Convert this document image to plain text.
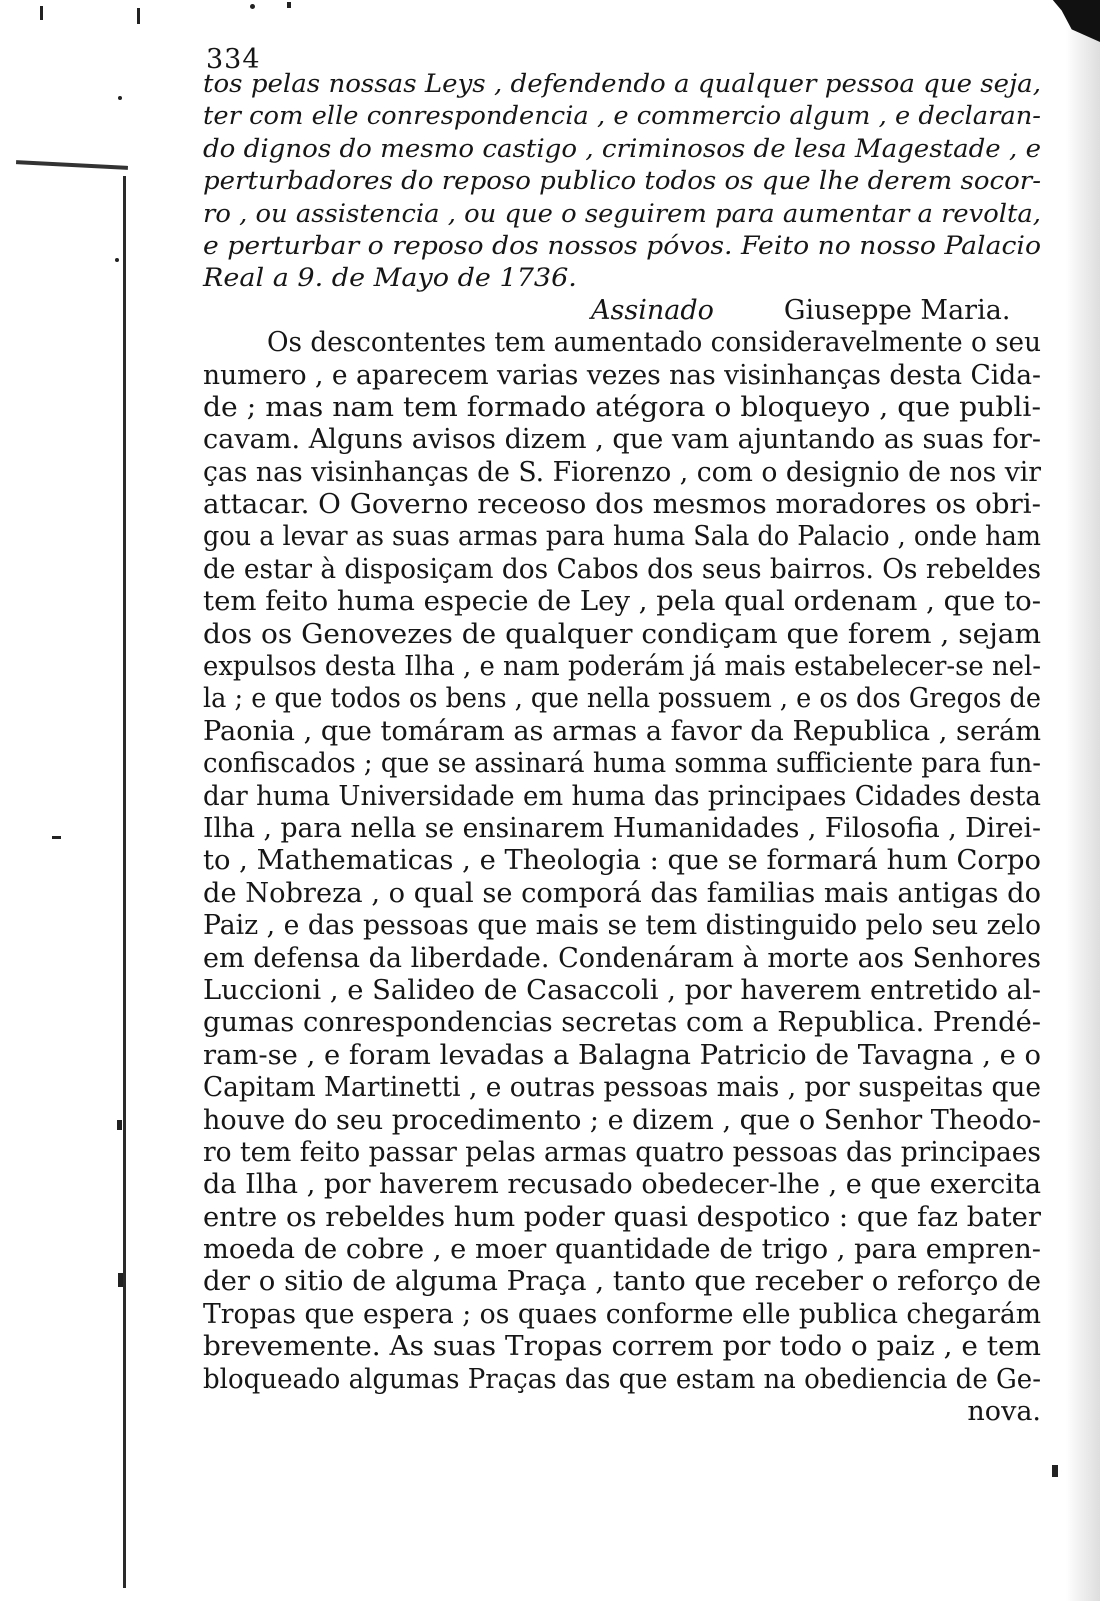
334
tos pelas nossas Leys , defendendo a qualquer pessoa que seja,
ter com elle conrespondencia , e commercio algum , e declaran-
do dignos do mesmo castigo , criminosos de lesa Magestade , e
perturbadores do reposo publico todos os que lhe derem socor-
ro , ou assistencia , ou que o seguirem para aumentar a revolta,
e perturbar o reposo dos nossos póvos. Feito no nosso Palacio
Real a 9. de Mayo de 1736.
Assinado	Giuseppe Maria.
Os descontentes tem aumentado consideravelmente o seu
numero , e aparecem varias vezes nas visinhanças desta Cida-
de ; mas nam tem formado atégora o bloqueyo , que publi-
cavam. Alguns avisos dizem , que vam ajuntando as suas for-
ças nas visinhanças de S. Fiorenzo , com o designio de nos vir
attacar. O Governo receoso dos mesmos moradores os obri-
gou a levar as suas armas para huma Sala do Palacio , onde ham
de estar à disposiçam dos Cabos dos seus bairros. Os rebeldes
tem feito huma especie de Ley , pela qual ordenam , que to-
dos os Genovezes de qualquer condiçam que forem , sejam
expulsos desta Ilha , e nam poderám já mais estabelecer-se nel-
la ; e que todos os bens , que nella possuem , e os dos Gregos de
Paonia , que tomáram as armas a favor da Republica , serám
confiscados ; que se assinará huma somma sufficiente para fun-
dar huma Universidade em huma das principaes Cidades desta
Ilha , para nella se ensinarem Humanidades , Filosofia , Direi-
to , Mathematicas , e Theologia : que se formará hum Corpo
de Nobreza , o qual se comporá das familias mais antigas do
Paiz , e das pessoas que mais se tem distinguido pelo seu zelo
em defensa da liberdade. Condenáram à morte aos Senhores
Luccioni , e Salideo de Casaccoli , por haverem entretido al-
gumas conrespondencias secretas com a Republica. Prendé-
ram-se , e foram levadas a Balagna Patricio de Tavagna , e o
Capitam Martinetti , e outras pessoas mais , por suspeitas que
houve do seu procedimento ; e dizem , que o Senhor Theodo-
ro tem feito passar pelas armas quatro pessoas das principaes
da Ilha , por haverem recusado obedecer-lhe , e que exercita
entre os rebeldes hum poder quasi despotico : que faz bater
moeda de cobre , e moer quantidade de trigo , para empren-
der o sitio de alguma Praça , tanto que receber o reforço de
Tropas que espera ; os quaes conforme elle publica chegarám
brevemente. As suas Tropas correm por todo o paiz , e tem
bloqueado algumas Praças das que estam na obediencia de Ge-
nova.
